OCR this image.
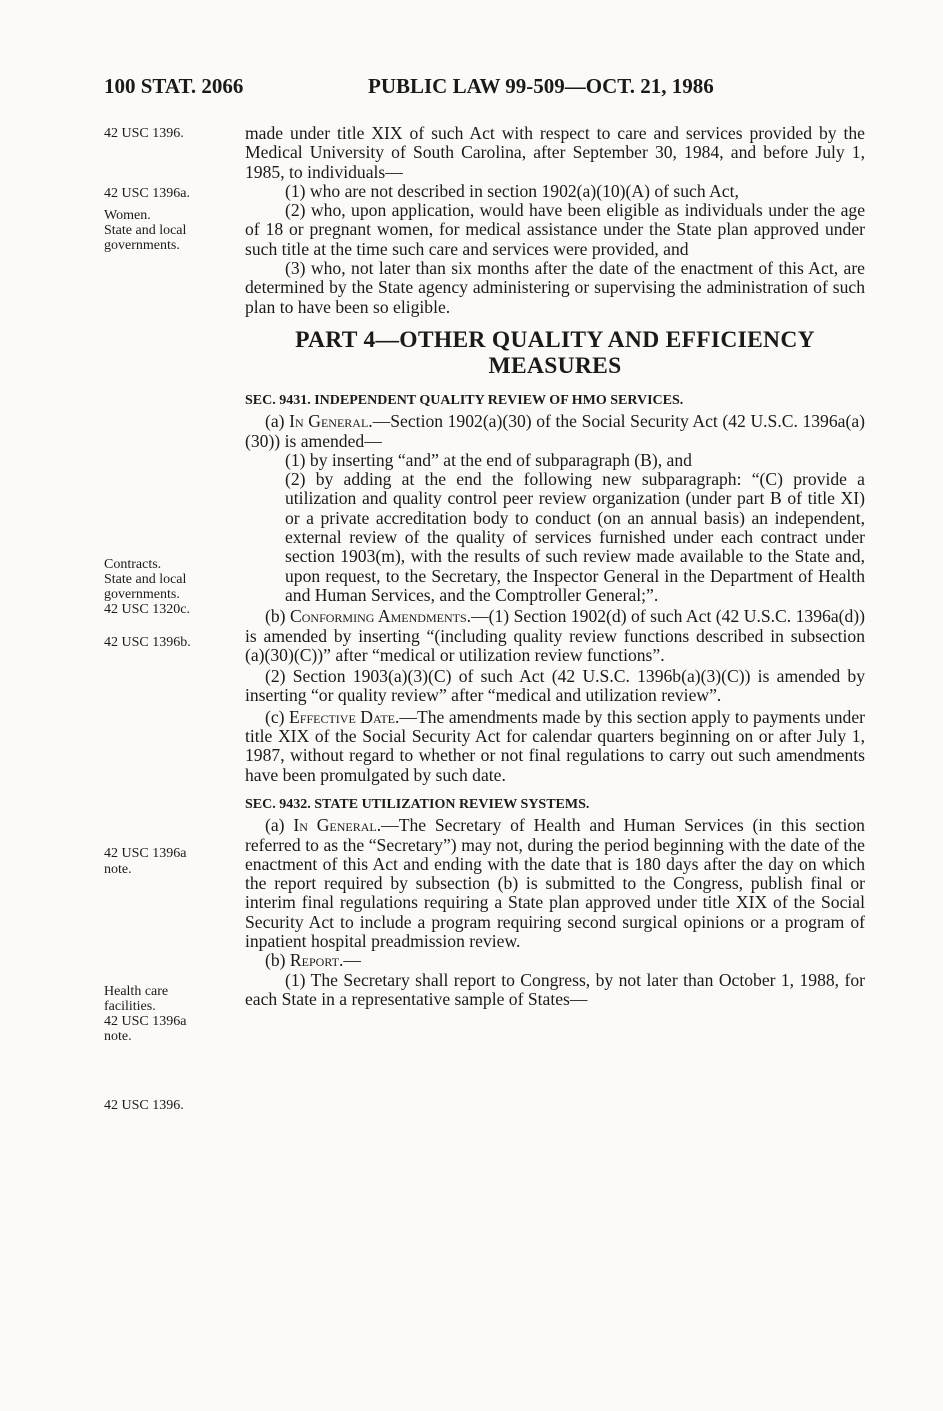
100 STAT. 2066	PUBLIC LAW 99-509—OCT. 21, 1986
42 USC 1396.
42 USC 1396a.
Women.
State and local
governments.
Contracts.
State and local
governments.
42 USC 1320c.
42 USC 1396b.
42 USC 1396a
note.
Health care
facilities.
42 USC 1396a
note.
42 USC 1396.

made under title XIX of such Act with respect to care and services provided by the Medical University of South Carolina, after September 30, 1984, and before July 1, 1985, to individuals—

(1) who are not described in section 1902(a)(10)(A) of such Act,

(2) who, upon application, would have been eligible as individuals under the age of 18 or pregnant women, for medical assistance under the State plan approved under such title at the time such care and services were provided, and

(3) who, not later than six months after the date of the enactment of this Act, are determined by the State agency administering or supervising the administration of such plan to have been so eligible.

PART 4—OTHER QUALITY AND EFFICIENCY MEASURES

SEC. 9431. INDEPENDENT QUALITY REVIEW OF HMO SERVICES.

(a) In General.—Section 1902(a)(30) of the Social Security Act (42 U.S.C. 1396a(a)(30)) is amended—

(1) by inserting “and” at the end of subparagraph (B), and

(2) by adding at the end the following new subparagraph: “(C) provide a utilization and quality control peer review organization (under part B of title XI) or a private accreditation body to conduct (on an annual basis) an independent, external review of the quality of services furnished under each contract under section 1903(m), with the results of such review made available to the State and, upon request, to the Secretary, the Inspector General in the Department of Health and Human Services, and the Comptroller General;”.

(b) Conforming Amendments.—(1) Section 1902(d) of such Act (42 U.S.C. 1396a(d)) is amended by inserting “(including quality review functions described in subsection (a)(30)(C))” after “medical or utilization review functions”.

(2) Section 1903(a)(3)(C) of such Act (42 U.S.C. 1396b(a)(3)(C)) is amended by inserting “or quality review” after “medical and utilization review”.

(c) Effective Date.—The amendments made by this section apply to payments under title XIX of the Social Security Act for calendar quarters beginning on or after July 1, 1987, without regard to whether or not final regulations to carry out such amendments have been promulgated by such date.

SEC. 9432. STATE UTILIZATION REVIEW SYSTEMS.

(a) In General.—The Secretary of Health and Human Services (in this section referred to as the “Secretary”) may not, during the period beginning with the date of the enactment of this Act and ending with the date that is 180 days after the day on which the report required by subsection (b) is submitted to the Congress, publish final or interim final regulations requiring a State plan approved under title XIX of the Social Security Act to include a program requiring second surgical opinions or a program of inpatient hospital preadmission review.

(b) Report.—

(1) The Secretary shall report to Congress, by not later than October 1, 1988, for each State in a representative sample of States—
